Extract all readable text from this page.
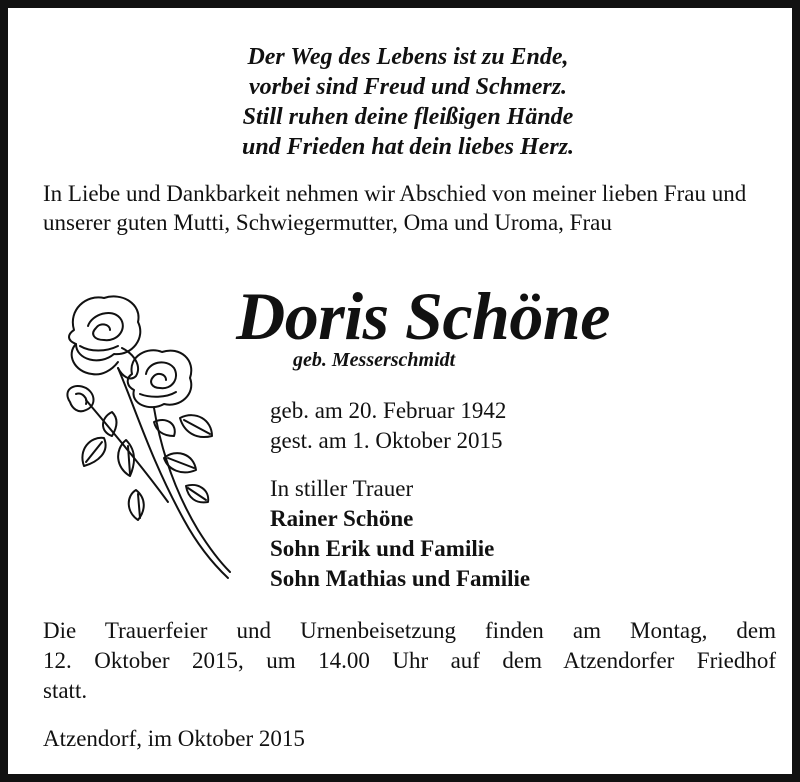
Der Weg des Lebens ist zu Ende,
vorbei sind Freud und Schmerz.
Still ruhen deine fleißigen Hände
und Frieden hat dein liebes Herz.
In Liebe und Dankbarkeit nehmen wir Abschied von meiner lieben Frau und unserer guten Mutti, Schwiegermutter, Oma und Uroma, Frau
Doris Schöne
geb. Messerschmidt
geb. am 20. Februar 1942
gest. am 1. Oktober 2015
In stiller Trauer
Rainer Schöne
Sohn Erik und Familie
Sohn Mathias und Familie
Die Trauerfeier und Urnenbeisetzung finden am Montag, dem
12. Oktober 2015, um 14.00 Uhr auf dem Atzendorfer Friedhof
statt.
Atzendorf, im Oktober 2015
